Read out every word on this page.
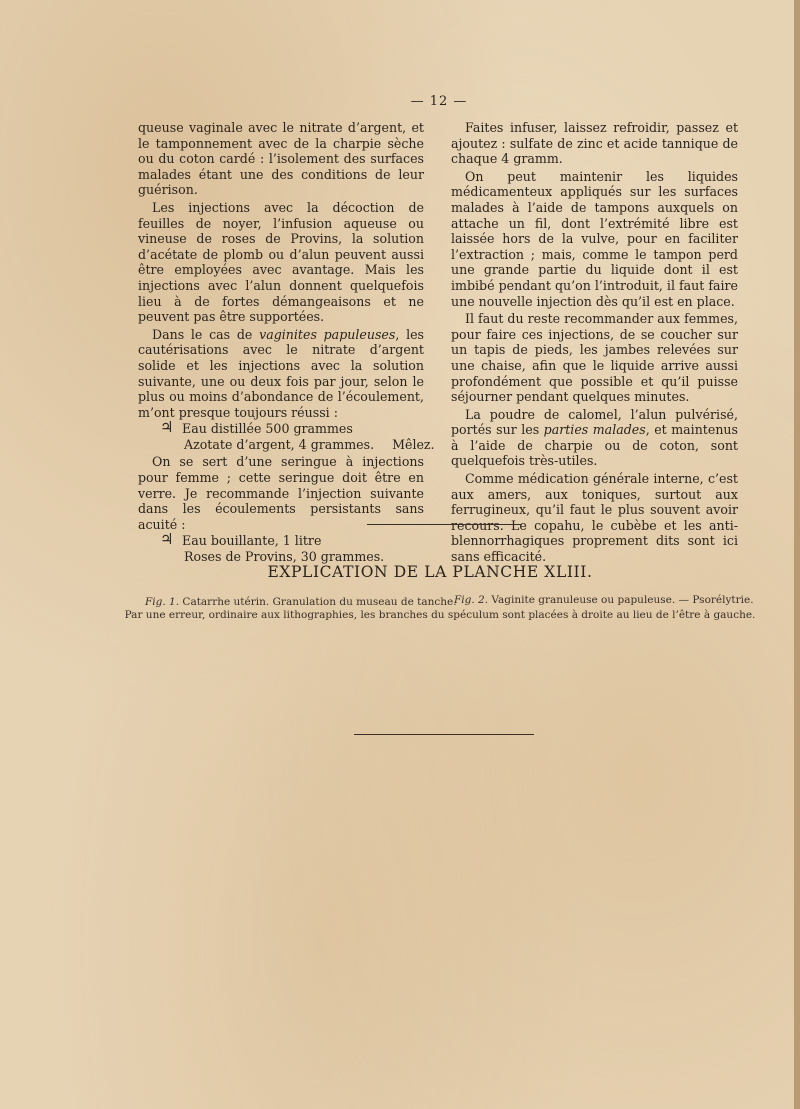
— 12 —

queuse vaginale avec le nitrate d’argent, et le tamponnement avec de la charpie sèche ou du coton cardé : l’isolement des surfaces malades étant une des conditions de leur guérison.

Les injections avec la décoction de feuilles de noyer, l’infusion aqueuse ou vineuse de roses de Provins, la solution d’acétate de plomb ou d’alun peuvent aussi être employées avec avantage. Mais les injections avec l’alun donnent quelquefois lieu à de fortes démangeaisons et ne peuvent pas être supportées.

Dans le cas de vaginites papuleuses, les cautérisations avec le nitrate d’argent solide et les injections avec la solution suivante, une ou deux fois par jour, selon le plus ou moins d’abondance de l’écoulement, m’ont presque toujours réussi :

♃ Eau distillée 500 grammes
Azotate d’argent, 4 grammes. Mêlez.

On se sert d’une seringue à injections pour femme ; cette seringue doit être en verre. Je recommande l’injection suivante dans les écoulements persistants sans acuité :

♃ Eau bouillante, 1 litre
Roses de Provins, 30 grammes.

Faites infuser, laissez refroidir, passez et ajoutez : sulfate de zinc et acide tannique de chaque 4 gramm.

On peut maintenir les liquides médicamenteux appliqués sur les surfaces malades à l’aide de tampons auxquels on attache un fil, dont l’extrémité libre est laissée hors de la vulve, pour en faciliter l’extraction ; mais, comme le tampon perd une grande partie du liquide dont il est imbibé pendant qu’on l’introduit, il faut faire une nouvelle injection dès qu’il est en place.

Il faut du reste recommander aux femmes, pour faire ces injections, de se coucher sur un tapis de pieds, les jambes relevées sur une chaise, afin que le liquide arrive aussi profondément que possible et qu’il puisse séjourner pendant quelques minutes.

La poudre de calomel, l’alun pulvérisé, portés sur les parties malades, et maintenus à l’aide de charpie ou de coton, sont quelquefois très-utiles.

Comme médication générale interne, c’est aux amers, aux toniques, surtout aux ferrugineux, qu’il faut le plus souvent avoir recours. Le copahu, le cubèbe et les anti-blennorrhagiques proprement dits sont ici sans efficacité.

EXPLICATION DE LA PLANCHE XLIII.
Fig. 1. Catarrhe utérin. Granulation du museau de tanche.
Fig. 2. Vaginite granuleuse ou papuleuse. — Psorélytrie.
Par une erreur, ordinaire aux lithographies, les branches du spéculum sont placées à droite au lieu de l’être à gauche.
